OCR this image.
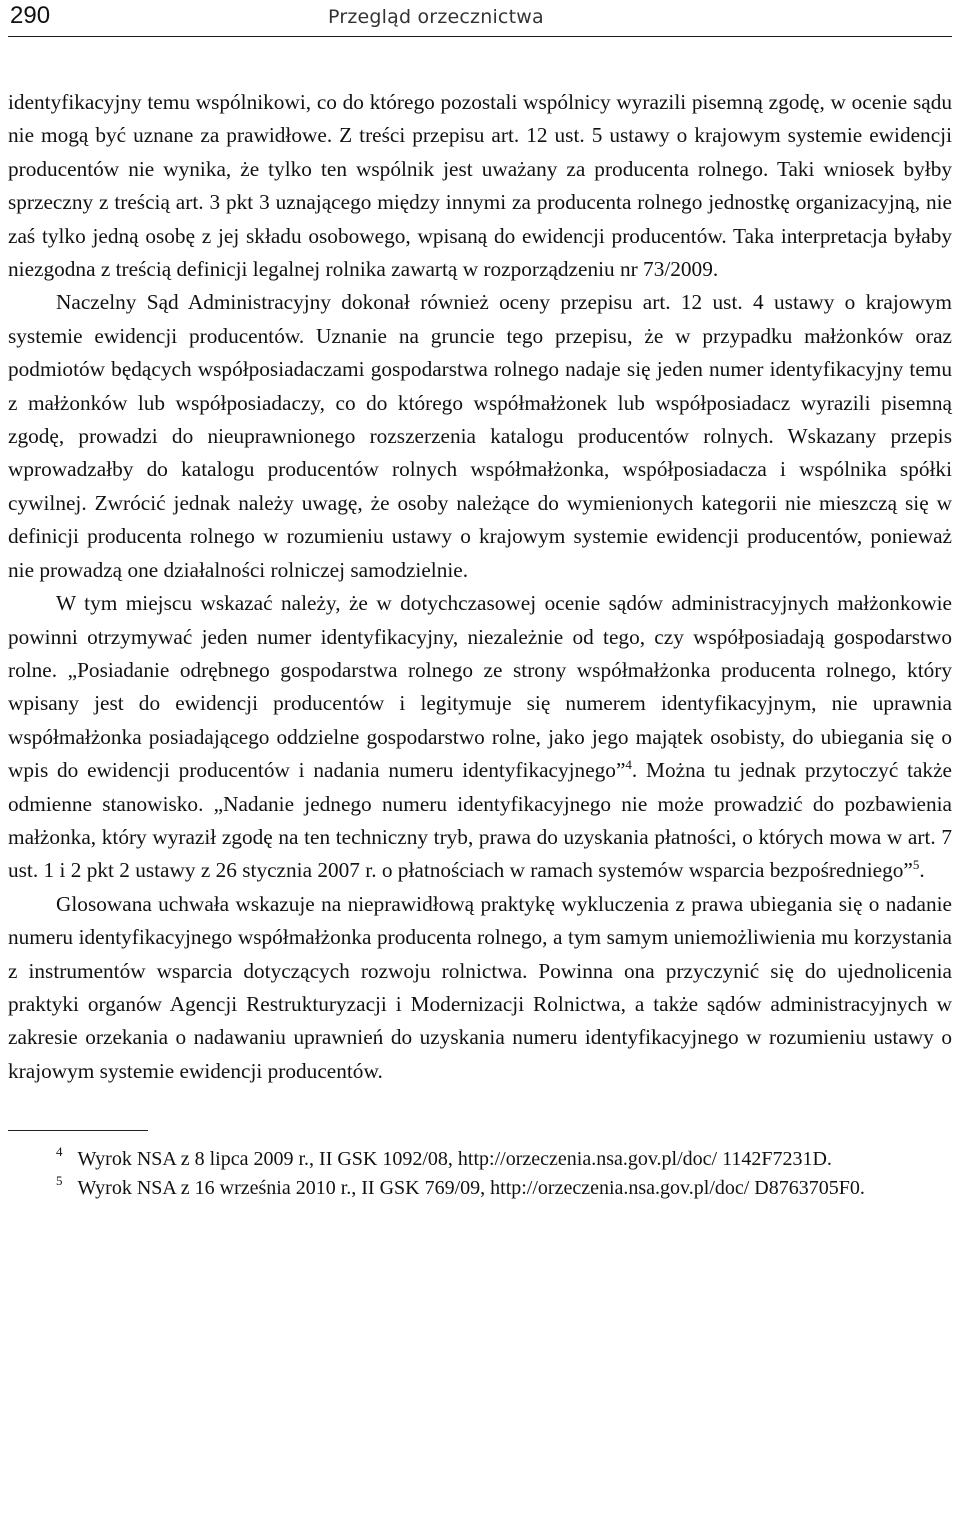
290	Przegląd orzecznictwa

identyfikacyjny temu wspólnikowi, co do którego pozostali wspólnicy wyrazili pisemną zgodę, w ocenie sądu nie mogą być uznane za prawidłowe. Z treści przepisu art. 12 ust. 5 ustawy o krajowym systemie ewidencji producentów nie wynika, że tylko ten wspólnik jest uważany za producenta rolnego. Taki wniosek byłby sprzeczny z treścią art. 3 pkt 3 uznającego między innymi za producenta rolnego jednostkę organizacyjną, nie zaś tylko jedną osobę z jej składu osobowego, wpisaną do ewidencji producentów. Taka interpretacja byłaby niezgodna z treścią definicji legalnej rolnika zawartą w rozporządzeniu nr 73/2009.

Naczelny Sąd Administracyjny dokonał również oceny przepisu art. 12 ust. 4 ustawy o krajowym systemie ewidencji producentów. Uznanie na gruncie tego przepisu, że w przypadku małżonków oraz podmiotów będących współposiadaczami gospodarstwa rolnego nadaje się jeden numer identyfikacyjny temu z małżonków lub współposiadaczy, co do którego współmałżonek lub współposiadacz wyrazili pisemną zgodę, prowadzi do nieuprawnionego rozszerzenia katalogu producentów rolnych. Wskazany przepis wprowadzałby do katalogu producentów rolnych współmałżonka, współposiadacza i wspólnika spółki cywilnej. Zwrócić jednak należy uwagę, że osoby należące do wymienionych kategorii nie mieszczą się w definicji producenta rolnego w rozumieniu ustawy o krajowym systemie ewidencji producentów, ponieważ nie prowadzą one działalności rolniczej samodzielnie.

W tym miejscu wskazać należy, że w dotychczasowej ocenie sądów administracyjnych małżonkowie powinni otrzymywać jeden numer identyfikacyjny, niezależnie od tego, czy współposiadają gospodarstwo rolne. „Posiadanie odrębnego gospodarstwa rolnego ze strony współmałżonka producenta rolnego, który wpisany jest do ewidencji producentów i legitymuje się numerem identyfikacyjnym, nie uprawnia współmałżonka posiadającego oddzielne gospodarstwo rolne, jako jego majątek osobisty, do ubiegania się o wpis do ewidencji producentów i nadania numeru identyfikacyjnego”$^4$. Można tu jednak przytoczyć także odmienne stanowisko. „Nadanie jednego numeru identyfikacyjnego nie może prowadzić do pozbawienia małżonka, który wyraził zgodę na ten techniczny tryb, prawa do uzyskania płatności, o których mowa w art. 7 ust. 1 i 2 pkt 2 ustawy z 26 stycznia 2007 r. o płatnościach w ramach systemów wsparcia bezpośredniego”$^5$.

Glosowana uchwała wskazuje na nieprawidłową praktykę wykluczenia z prawa ubiegania się o nadanie numeru identyfikacyjnego współmałżonka producenta rolnego, a tym samym uniemożliwienia mu korzystania z instrumentów wsparcia dotyczących rozwoju rolnictwa. Powinna ona przyczynić się do ujednolicenia praktyki organów Agencji Restrukturyzacji i Modernizacji Rolnictwa, a także sądów administracyjnych w zakresie orzekania o nadawaniu uprawnień do uzyskania numeru identyfikacyjnego w rozumieniu ustawy o krajowym systemie ewidencji producentów.

$^4$ Wyrok NSA z 8 lipca 2009 r., II GSK 1092/08, http://orzeczenia.nsa.gov.pl/doc/ 1142F7231D.

$^5$ Wyrok NSA z 16 września 2010 r., II GSK 769/09, http://orzeczenia.nsa.gov.pl/doc/ D8763705F0.
